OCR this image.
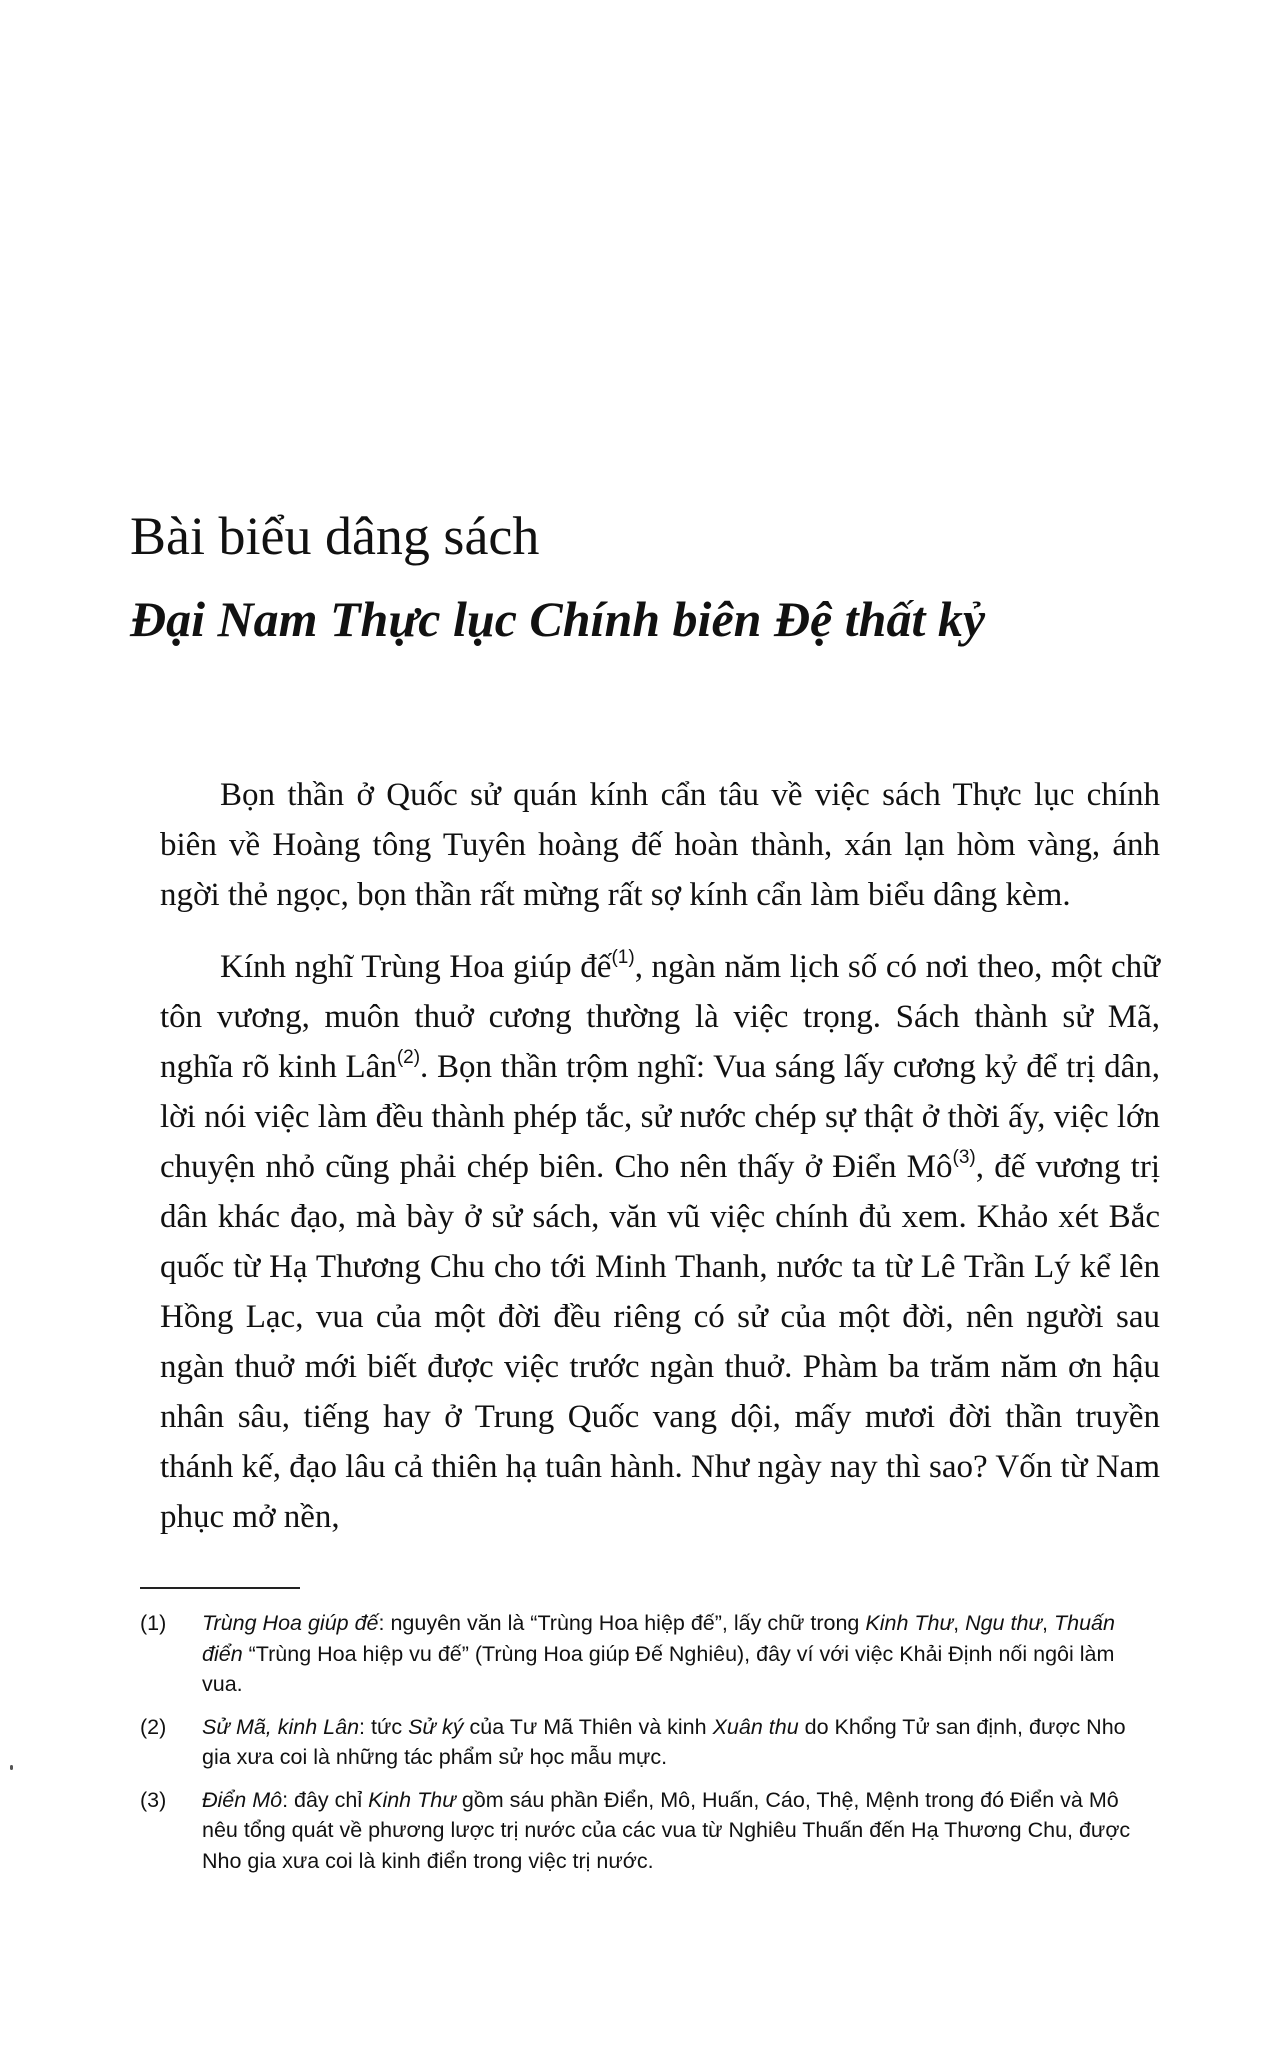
Bài biểu dâng sách
Đại Nam Thực lục Chính biên Đệ thất kỷ

Bọn thần ở Quốc sử quán kính cẩn tâu về việc sách Thực lục chính biên về Hoàng tông Tuyên hoàng đế hoàn thành, xán lạn hòm vàng, ánh ngời thẻ ngọc, bọn thần rất mừng rất sợ kính cẩn làm biểu dâng kèm.

Kính nghĩ Trùng Hoa giúp đế$^{(1)}$, ngàn năm lịch số có nơi theo, một chữ tôn vương, muôn thuở cương thường là việc trọng. Sách thành sử Mã, nghĩa rõ kinh Lân$^{(2)}$. Bọn thần trộm nghĩ: Vua sáng lấy cương kỷ để trị dân, lời nói việc làm đều thành phép tắc, sử nước chép sự thật ở thời ấy, việc lớn chuyện nhỏ cũng phải chép biên. Cho nên thấy ở Điển $Mô^{(3)}$, đế vương trị dân khác đạo, mà bày ở sử sách, văn vũ việc chính đủ xem. Khảo xét Bắc quốc từ Hạ Thương Chu cho tới Minh Thanh, nước ta từ Lê Trần Lý kể lên Hồng Lạc, vua của một đời đều riêng có sử của một đời, nên người sau ngàn thuở mới biết được việc trước ngàn thuở. Phàm ba trăm năm ơn hậu nhân sâu, tiếng hay ở Trung Quốc vang dội, mấy mươi đời thần truyền thánh kế, đạo lâu cả thiên hạ tuân hành. Như ngày nay thì sao? Vốn từ Nam phục mở nền,

(1)	Trùng Hoa giúp đế: nguyên văn là “Trùng Hoa hiệp đế”, lấy chữ trong Kinh Thư, Ngu thư, Thuấn điển “Trùng Hoa hiệp vu đế” (Trùng Hoa giúp Đế Nghiêu), đây ví với việc Khải Định nối ngôi làm vua.
(2)	Sử Mã, kinh Lân: tức Sử ký của Tư Mã Thiên và kinh Xuân thu do Khổng Tử san định, được Nho gia xưa coi là những tác phẩm sử học mẫu mực.
(3)	Điển Mô: đây chỉ Kinh Thư gồm sáu phần Điển, Mô, Huấn, Cáo, Thệ, Mệnh trong đó Điển và Mô nêu tổng quát về phương lược trị nước của các vua từ Nghiêu Thuấn đến Hạ Thương Chu, được Nho gia xưa coi là kinh điển trong việc trị nước.
